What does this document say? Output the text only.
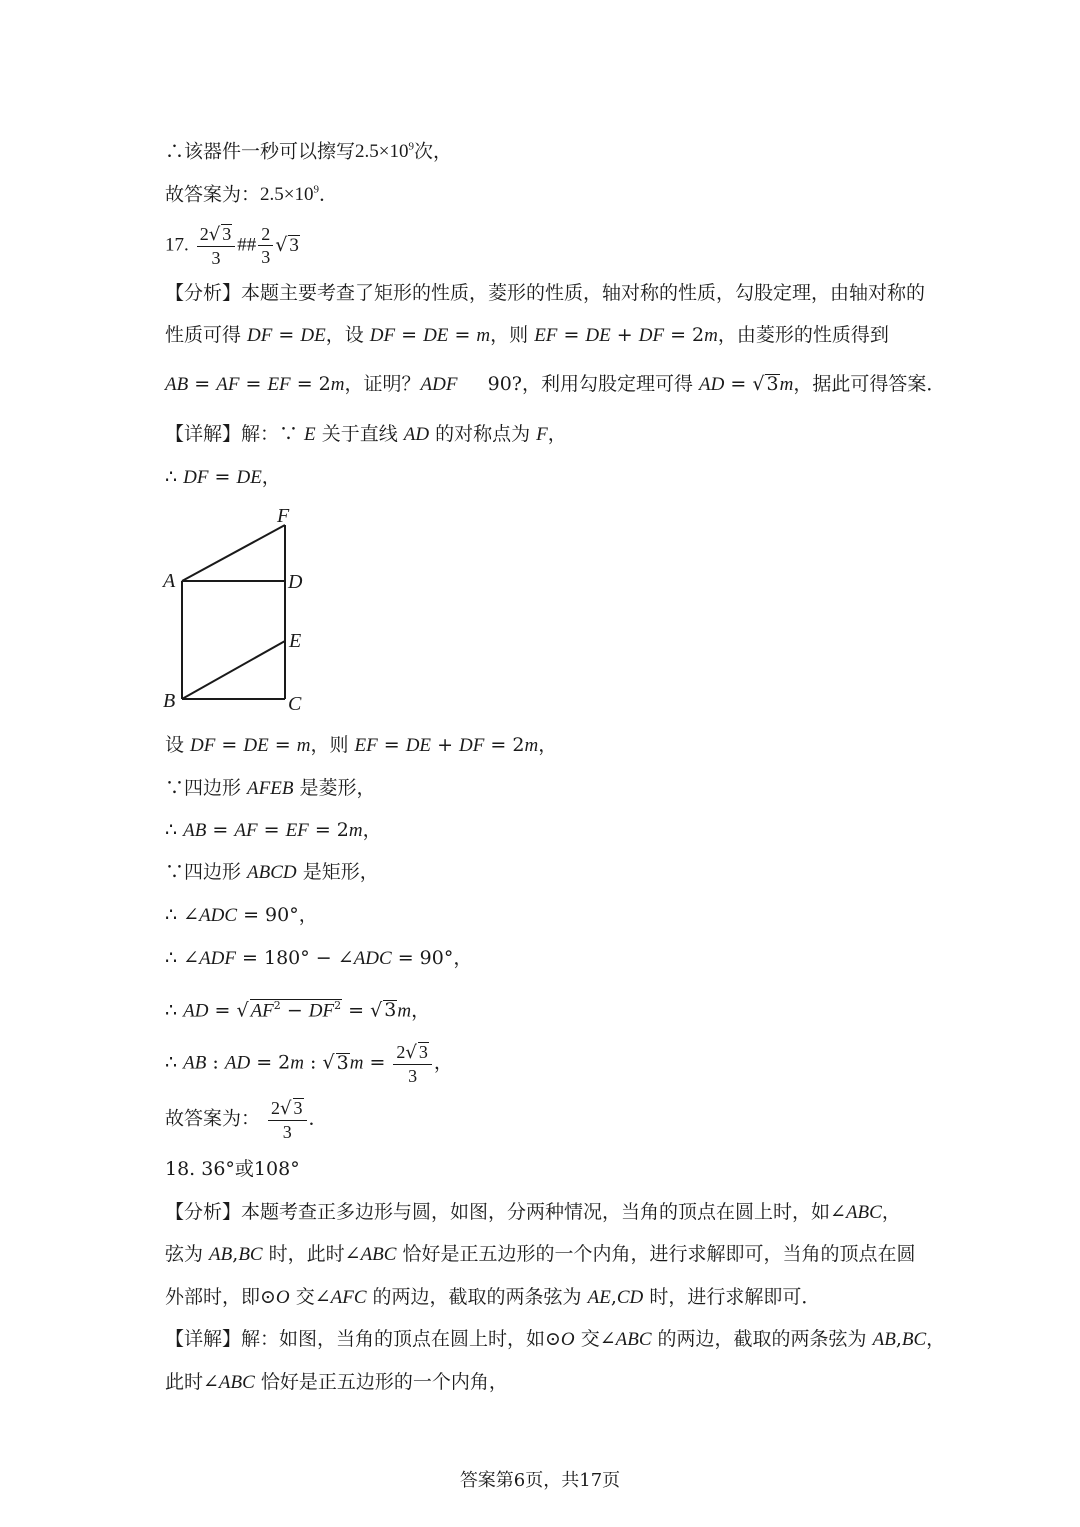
∴该器件一秒可以擦写$2.5\times 10^9$次，
故答案为：$2.5\times 10^9$．
17. $\frac{2√ 3}{3}$ ## $\frac{2}{3}$ √ 3
【分析】本题主要考查了矩形的性质，菱形的性质，轴对称的性质，勾股定理，由轴对称的
性质可得 DF = DE，设 DF = DE = m，则 EF = DE + DF = 2m，由菱形的性质得到
AB = AF = EF = 2m，证明？ADF     90?，利用勾股定理可得 AD = √ 3m，据此可得答案．
【详解】解：∵ E 关于直线 AD 的对称点为 F，
∴ DF = DE，
F
A	D
E
B	C
设 DF = DE = m，则 EF = DE + DF = 2m，
∵四边形 AFEB 是菱形，
∴ AB = AF = EF = 2m，
∵四边形 ABCD 是矩形，
∴ ∠ADC = 90°，
∴ ∠ADF = 180° − ∠ADC = 90°，
∴ AD = √ $AF^2 - DF^2$ = √ 3m，
∴ AB : AD = 2m : √ $3m = \frac{2√ 3}{3}$ ，
故答案为： $\frac{2√ 3}{3}$ ．
18. 36°或108°
【分析】本题考查正多边形与圆，如图，分两种情况，当角的顶点在圆上时，如∠ABC，
弦为 AB,BC 时，此时∠ABC 恰好是正五边形的一个内角，进行求解即可，当角的顶点在圆
外部时，即⊙O 交∠AFC 的两边，截取的两条弦为 AE,CD 时，进行求解即可．
【详解】解：如图，当角的顶点在圆上时，如⊙O 交∠ABC 的两边，截取的两条弦为 AB,BC，
此时∠ABC 恰好是正五边形的一个内角，
答案第6页，共17页
